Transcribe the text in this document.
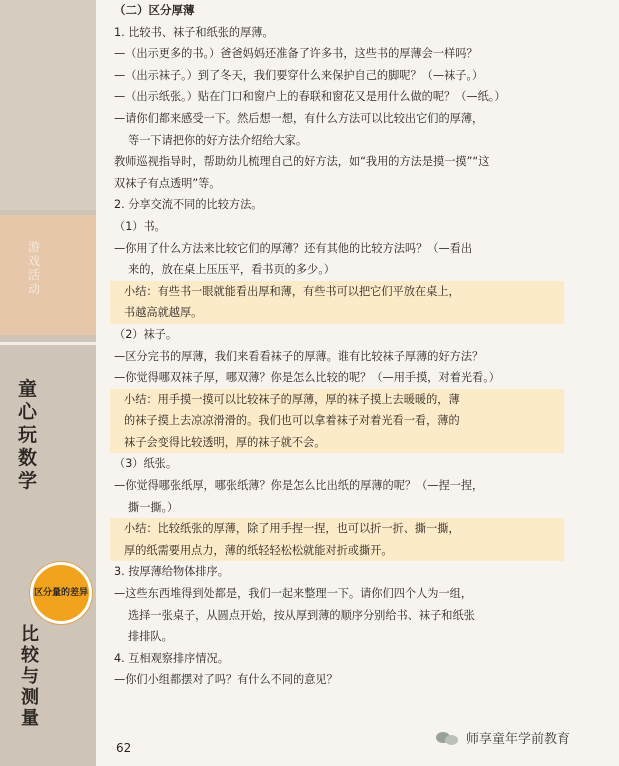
游戏活动
童心玩数学
区分量的差异
比较与测量
（二）区分厚薄
1. 比较书、袜子和纸张的厚薄。
—（出示更多的书。）爸爸妈妈还准备了许多书，这些书的厚薄会一样吗？
—（出示袜子。）到了冬天，我们要穿什么来保护自己的脚呢？（—袜子。）
—（出示纸张。）贴在门口和窗户上的春联和窗花又是用什么做的呢？（—纸。）
—请你们都来感受一下。然后想一想，有什么方法可以比较出它们的厚薄，
等一下请把你的好方法介绍给大家。
教师巡视指导时，帮助幼儿梳理自己的好方法，如“我用的方法是摸一摸”“这
双袜子有点透明”等。
2. 分享交流不同的比较方法。
（1）书。
—你用了什么方法来比较它们的厚薄？还有其他的比较方法吗？（—看出
来的，放在桌上压压平，看书页的多少。）
小结：有些书一眼就能看出厚和薄，有些书可以把它们平放在桌上，
书越高就越厚。
（2）袜子。
—区分完书的厚薄，我们来看看袜子的厚薄。谁有比较袜子厚薄的好方法？
—你觉得哪双袜子厚，哪双薄？你是怎么比较的呢？（—用手摸，对着光看。）
小结：用手摸一摸可以比较袜子的厚薄，厚的袜子摸上去暖暖的，薄
的袜子摸上去凉凉滑滑的。我们也可以拿着袜子对着光看一看，薄的
袜子会变得比较透明，厚的袜子就不会。
（3）纸张。
—你觉得哪张纸厚，哪张纸薄？你是怎么比出纸的厚薄的呢？（—捏一捏，
撕一撕。）
小结：比较纸张的厚薄，除了用手捏一捏，也可以折一折、撕一撕，
厚的纸需要用点力，薄的纸轻轻松松就能对折或撕开。
3. 按厚薄给物体排序。
—这些东西堆得到处都是，我们一起来整理一下。请你们四个人为一组，
选择一张桌子，从圆点开始，按从厚到薄的顺序分别给书、袜子和纸张
排排队。
4. 互相观察排序情况。
—你们小组都摆对了吗？有什么不同的意见？
62
师享童年学前教育
